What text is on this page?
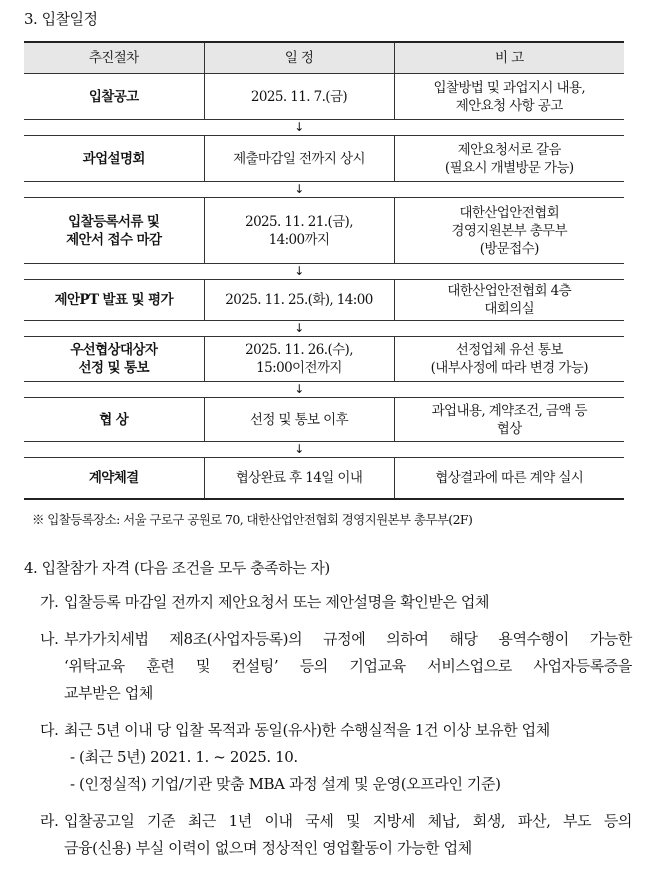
3. 입찰일정
추진절차	일 정	비 고
입찰공고	2025. 11. 7.(금)	입찰방법 및 과업지시 내용,
제안요청 사항 공고
	↓	
과업설명회	제출마감일 전까지 상시	제안요청서로 갈음
(필요시 개별방문 가능)
	↓	
입찰등록서류 및
제안서 접수 마감	2025. 11. 21.(금),
14:00까지	대한산업안전협회
경영지원본부 총무부
(방문접수)
	↓	
제안PT 발표 및 평가	2025. 11. 25.(화), 14:00	대한산업안전협회 4층
대회의실
	↓	
우선협상대상자
선정 및 통보	2025. 11. 26.(수),
15:00이전까지	선정업체 유선 통보
(내부사정에 따라 변경 가능)
	↓	
협 상	선정 및 통보 이후	과업내용, 계약조건, 금액 등
협상
	↓	
계약체결	협상완료 후 14일 이내	협상결과에 따른 계약 실시
※ 입찰등록장소: 서울 구로구 공원로 70, 대한산업안전협회 경영지원본부 총무부(2F)
4. 입찰참가 자격 (다음 조건을 모두 충족하는 자)
가. 입찰등록 마감일 전까지 제안요청서 또는 제안설명을 확인받은 업체
나. 부가가치세법 제8조(사업자등록)의 규정에 의하여 해당 용역수행이 가능한
‘위탁교육 훈련 및 컨설팅’ 등의 기업교육 서비스업으로 사업자등록증을
교부받은 업체
다. 최근 5년 이내 당 입찰 목적과 동일(유사)한 수행실적을 1건 이상 보유한 업체
- (최근 5년) 2021. 1. ~ 2025. 10.
- (인정실적) 기업/기관 맞춤 MBA 과정 설계 및 운영(오프라인 기준)
라. 입찰공고일 기준 최근 1년 이내 국세 및 지방세 체납, 회생, 파산, 부도 등의
금융(신용) 부실 이력이 없으며 정상적인 영업활동이 가능한 업체
